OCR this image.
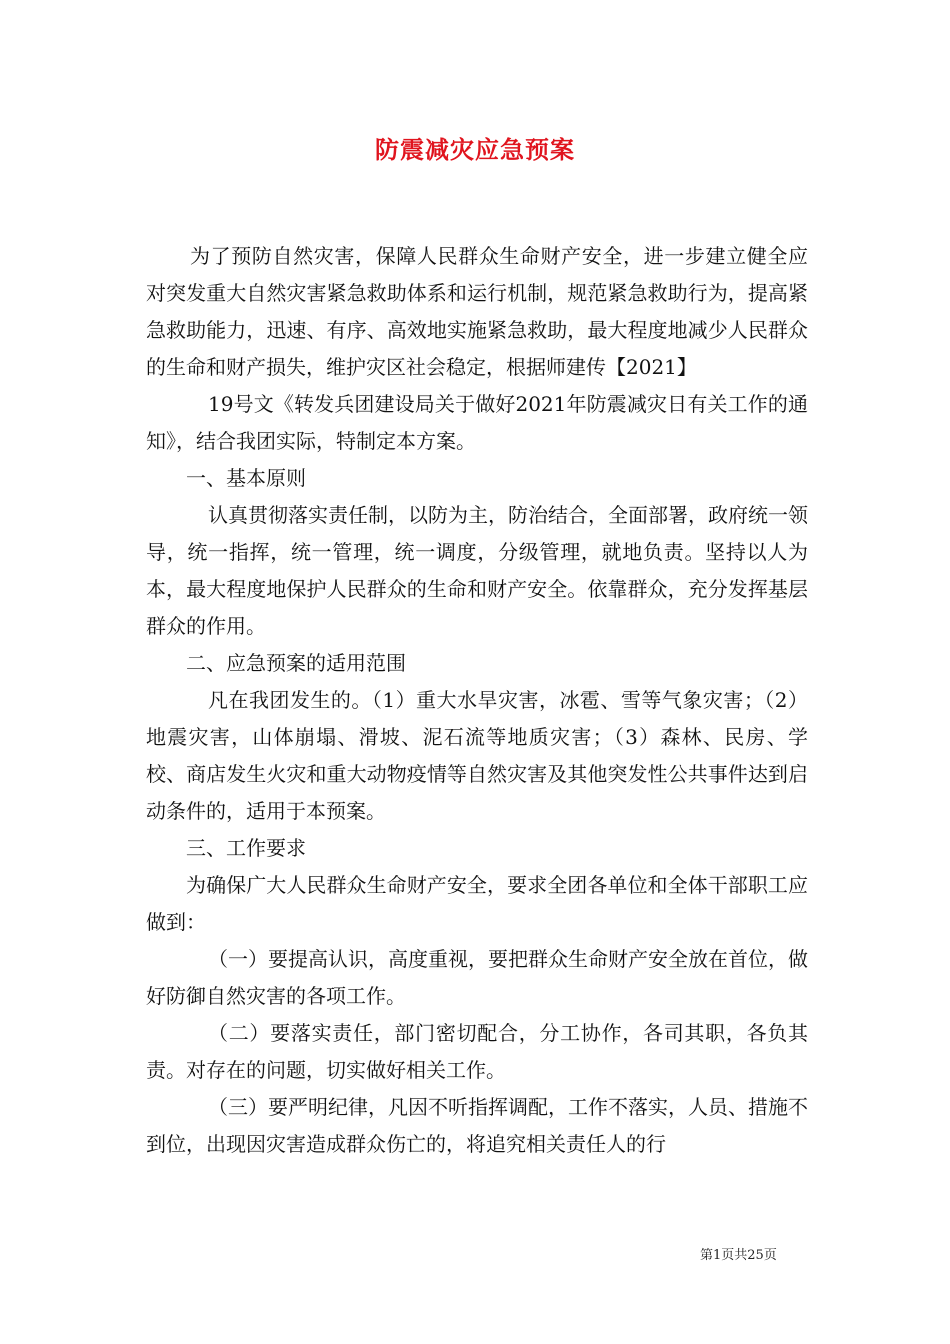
防震减灾应急预案

为了预防自然灾害，保障人民群众生命财产安全，进一步建立健全应对突发重大自然灾害紧急救助体系和运行机制，规范紧急救助行为，提高紧急救助能力，迅速、有序、高效地实施紧急救助，最大程度地减少人民群众的生命和财产损失，维护灾区社会稳定，根据师建传【2021】

19号文《转发兵团建设局关于做好2021年防震减灾日有关工作的通知》，结合我团实际，特制定本方案。

一、基本原则

认真贯彻落实责任制，以防为主，防治结合，全面部署，政府统一领导，统一指挥，统一管理，统一调度，分级管理，就地负责。坚持以人为本，最大程度地保护人民群众的生命和财产安全。依靠群众，充分发挥基层群众的作用。

二、应急预案的适用范围

凡在我团发生的。（1）重大水旱灾害，冰雹、雪等气象灾害；（2）地震灾害，山体崩塌、滑坡、泥石流等地质灾害；（3）森林、民房、学校、商店发生火灾和重大动物疫情等自然灾害及其他突发性公共事件达到启动条件的，适用于本预案。

三、工作要求

为确保广大人民群众生命财产安全，要求全团各单位和全体干部职工应做到：

（一）要提高认识，高度重视，要把群众生命财产安全放在首位，做好防御自然灾害的各项工作。

（二）要落实责任，部门密切配合，分工协作，各司其职，各负其责。对存在的问题，切实做好相关工作。

（三）要严明纪律，凡因不听指挥调配，工作不落实，人员、措施不到位，出现因灾害造成群众伤亡的，将追究相关责任人的行

第1页共25页
